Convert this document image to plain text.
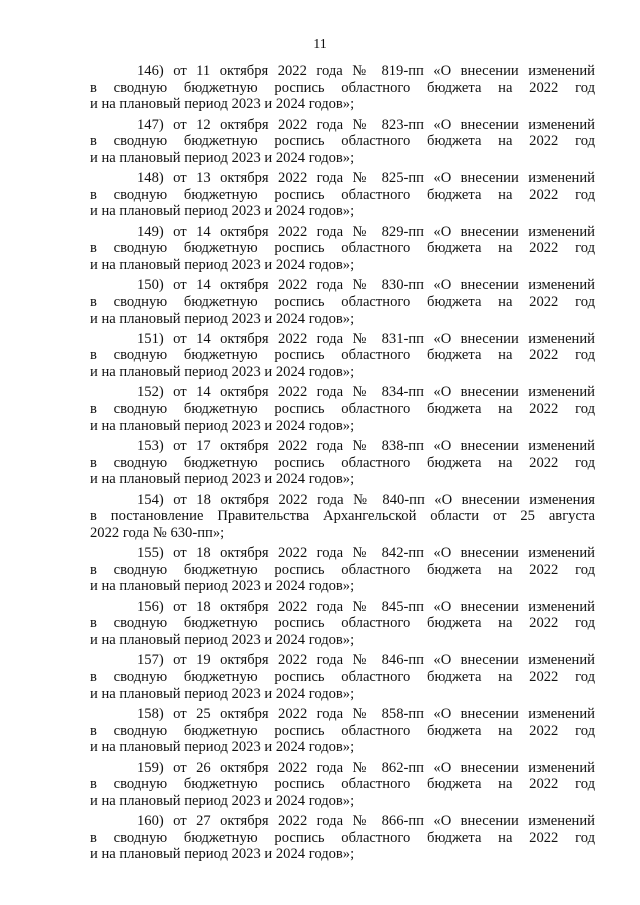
11
146) от 11 октября 2022 года № 819-пп «О внесении изменений
в сводную бюджетную роспись областного бюджета на 2022 год
и на плановый период 2023 и 2024 годов»;
147) от 12 октября 2022 года № 823-пп «О внесении изменений
в сводную бюджетную роспись областного бюджета на 2022 год
и на плановый период 2023 и 2024 годов»;
148) от 13 октября 2022 года № 825-пп «О внесении изменений
в сводную бюджетную роспись областного бюджета на 2022 год
и на плановый период 2023 и 2024 годов»;
149) от 14 октября 2022 года № 829-пп «О внесении изменений
в сводную бюджетную роспись областного бюджета на 2022 год
и на плановый период 2023 и 2024 годов»;
150) от 14 октября 2022 года № 830-пп «О внесении изменений
в сводную бюджетную роспись областного бюджета на 2022 год
и на плановый период 2023 и 2024 годов»;
151) от 14 октября 2022 года № 831-пп «О внесении изменений
в сводную бюджетную роспись областного бюджета на 2022 год
и на плановый период 2023 и 2024 годов»;
152) от 14 октября 2022 года № 834-пп «О внесении изменений
в сводную бюджетную роспись областного бюджета на 2022 год
и на плановый период 2023 и 2024 годов»;
153) от 17 октября 2022 года № 838-пп «О внесении изменений
в сводную бюджетную роспись областного бюджета на 2022 год
и на плановый период 2023 и 2024 годов»;
154) от 18 октября 2022 года № 840-пп «О внесении изменения
в постановление Правительства Архангельской области от 25 августа
2022 года № 630-пп»;
155) от 18 октября 2022 года № 842-пп «О внесении изменений
в сводную бюджетную роспись областного бюджета на 2022 год
и на плановый период 2023 и 2024 годов»;
156) от 18 октября 2022 года № 845-пп «О внесении изменений
в сводную бюджетную роспись областного бюджета на 2022 год
и на плановый период 2023 и 2024 годов»;
157) от 19 октября 2022 года № 846-пп «О внесении изменений
в сводную бюджетную роспись областного бюджета на 2022 год
и на плановый период 2023 и 2024 годов»;
158) от 25 октября 2022 года № 858-пп «О внесении изменений
в сводную бюджетную роспись областного бюджета на 2022 год
и на плановый период 2023 и 2024 годов»;
159) от 26 октября 2022 года № 862-пп «О внесении изменений
в сводную бюджетную роспись областного бюджета на 2022 год
и на плановый период 2023 и 2024 годов»;
160) от 27 октября 2022 года № 866-пп «О внесении изменений
в сводную бюджетную роспись областного бюджета на 2022 год
и на плановый период 2023 и 2024 годов»;
